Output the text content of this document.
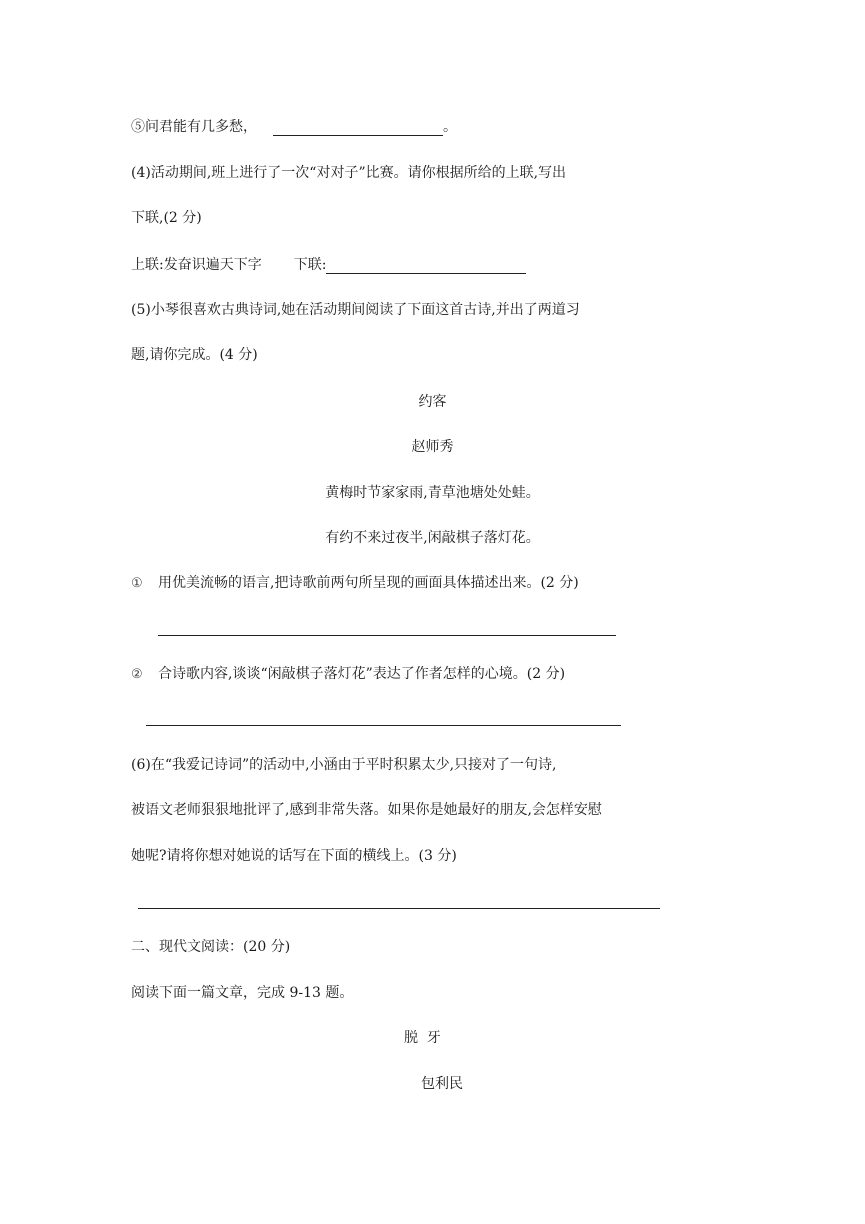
⑤问君能有几多愁，	。
(4)活动期间,班上进行了一次“对对子”比赛。请你根据所给的上联,写出
下联,(2 分)
上联:发奋识遍天下字 下联:
(5)小琴很喜欢古典诗词,她在活动期间阅读了下面这首古诗,并出了两道习
题,请你完成。(4 分)
约客
赵师秀
黄梅时节家家雨,青草池塘处处蛙。
有约不来过夜半,闲敲棋子落灯花。
① 用优美流畅的语言,把诗歌前两句所呈现的画面具体描述出来。(2 分)
② 合诗歌内容,谈谈“闲敲棋子落灯花”表达了作者怎样的心境。(2 分)
(6)在“我爱记诗词”的活动中,小涵由于平时积累太少,只接对了一句诗,
被语文老师狠狠地批评了,感到非常失落。如果你是她最好的朋友,会怎样安慰
她呢?请将你想对她说的话写在下面的横线上。(3 分)
二、现代文阅读：(20 分)
阅读下面一篇文章，完成 9-13 题。
脱  牙
包利民
